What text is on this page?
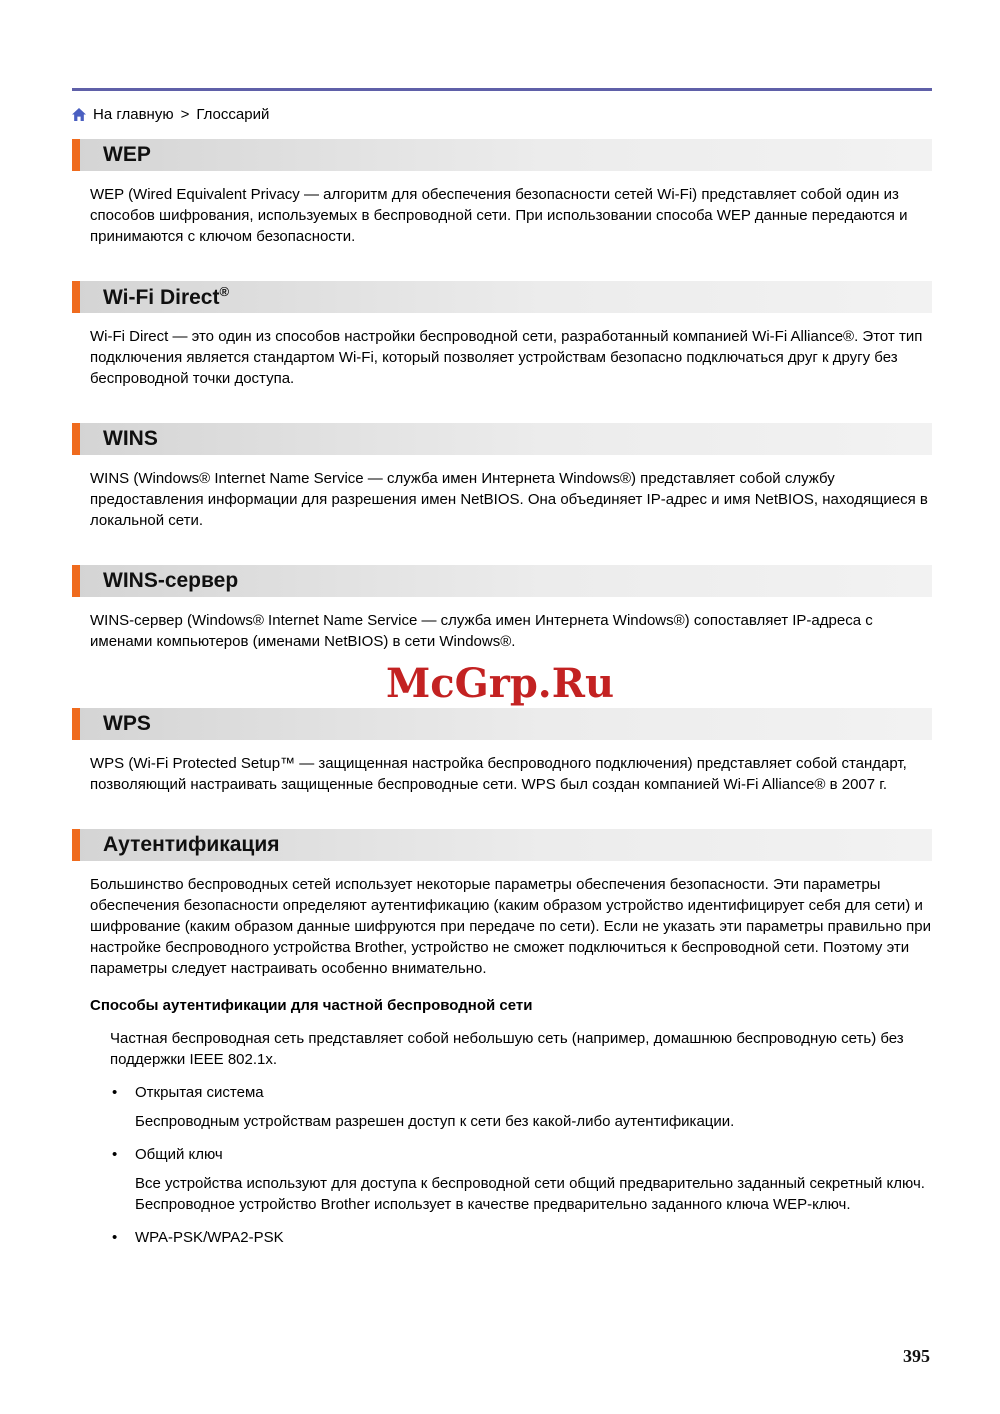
На главную > Глоссарий
WEP

WEP (Wired Equivalent Privacy — алгоритм для обеспечения безопасности сетей Wi-Fi) представляет собой один из способов шифрования, используемых в беспроводной сети. При использовании способа WEP данные передаются и принимаются с ключом безопасности.

Wi-Fi Direct®

Wi-Fi Direct — это один из способов настройки беспроводной сети, разработанный компанией Wi-Fi Alliance®. Этот тип подключения является стандартом Wi-Fi, который позволяет устройствам безопасно подключаться друг к другу без беспроводной точки доступа.

WINS

WINS (Windows® Internet Name Service — служба имен Интернета Windows®) представляет собой службу предоставления информации для разрешения имен NetBIOS. Она объединяет IP-адрес и имя NetBIOS, находящиеся в локальной сети.

WINS-сервер

WINS-сервер (Windows® Internet Name Service — служба имен Интернета Windows®) сопоставляет IP-адреса с именами компьютеров (именами NetBIOS) в сети Windows®.

WPS

WPS (Wi-Fi Protected Setup™ — защищенная настройка беспроводного подключения) представляет собой стандарт, позволяющий настраивать защищенные беспроводные сети. WPS был создан компанией Wi-Fi Alliance® в 2007 г.

Аутентификация

Большинство беспроводных сетей использует некоторые параметры обеспечения безопасности. Эти параметры обеспечения безопасности определяют аутентификацию (каким образом устройство идентифицирует себя для сети) и шифрование (каким образом данные шифруются при передаче по сети). Если не указать эти параметры правильно при настройке беспроводного устройства Brother, устройство не сможет подключиться к беспроводной сети. Поэтому эти параметры следует настраивать особенно внимательно.

Способы аутентификации для частной беспроводной сети

Частная беспроводная сеть представляет собой небольшую сеть (например, домашнюю беспроводную сеть) без поддержки IEEE 802.1x.

• Открытая система

Беспроводным устройствам разрешен доступ к сети без какой-либо аутентификации.

• Общий ключ

Все устройства используют для доступа к беспроводной сети общий предварительно заданный секретный ключ. Беспроводное устройство Brother использует в качестве предварительно заданного ключа WEP-ключ.

• WPA-PSK/WPA2-PSK
McGrp.Ru
395
